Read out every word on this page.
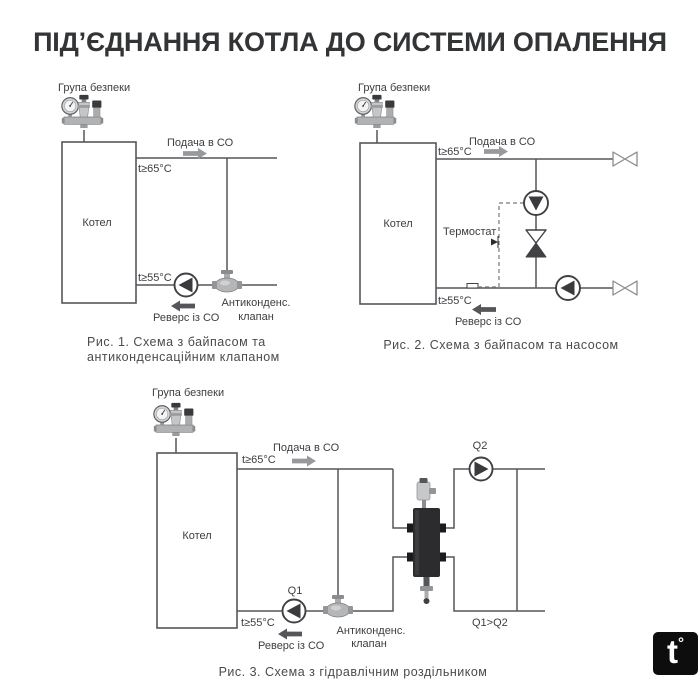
ПІД’ЄДНАННЯ КОТЛА ДО СИСТЕМИ ОПАЛЕННЯ
Група безпеки
Котел
Подача в СО
t≥65°C
t≥55°C
Реверс із СО
Антиконденс.
клапан
Рис. 1. Схема з байпасом та
антиконденсаційним клапаном
Група безпеки
Котел
Подача в СО
t≥65°C
Термостат
t≥55°C
Реверс із СО
Рис. 2. Схема з байпасом та насосом
Група безпеки
Котел
Подача в СО
t≥65°C
Q2
Q1
t≥55°C
Реверс із СО
Антиконденс.
клапан
Q1>Q2
Рис. 3. Схема з гідравлічним роздільником
t °
